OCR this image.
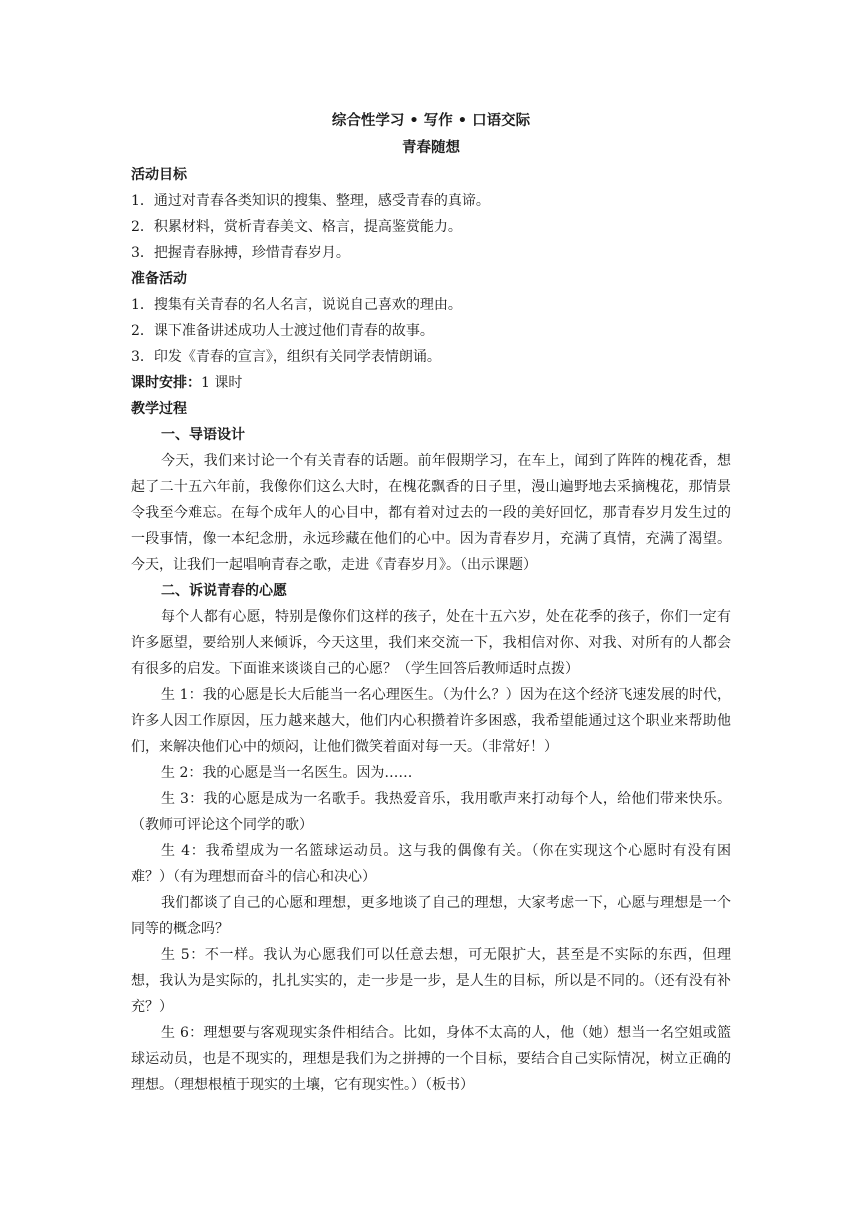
综合性学习 • 写作 • 口语交际
青春随想
活动目标
1．通过对青春各类知识的搜集、整理，感受青春的真谛。
2．积累材料，赏析青春美文、格言，提高鉴赏能力。
3．把握青春脉搏，珍惜青春岁月。
准备活动
1．搜集有关青春的名人名言，说说自己喜欢的理由。
2．课下准备讲述成功人士渡过他们青春的故事。
3．印发《青春的宣言》，组织有关同学表情朗诵。
课时安排：1 课时
教学过程
一、导语设计

今天，我们来讨论一个有关青春的话题。前年假期学习，在车上，闻到了阵阵的槐花香，想起了二十五六年前，我像你们这么大时，在槐花飘香的日子里，漫山遍野地去采摘槐花，那情景令我至今难忘。在每个成年人的心目中，都有着对过去的一段的美好回忆，那青春岁月发生过的一段事情，像一本纪念册，永远珍藏在他们的心中。因为青春岁月，充满了真情，充满了渴望。今天，让我们一起唱响青春之歌，走进《青春岁月》。（出示课题）

二、诉说青春的心愿

每个人都有心愿，特别是像你们这样的孩子，处在十五六岁，处在花季的孩子，你们一定有许多愿望，要给别人来倾诉，今天这里，我们来交流一下，我相信对你、对我、对所有的人都会有很多的启发。下面谁来谈谈自己的心愿？（学生回答后教师适时点拨）

生 1：我的心愿是长大后能当一名心理医生。（为什么？）因为在这个经济飞速发展的时代，许多人因工作原因，压力越来越大，他们内心积攒着许多困惑，我希望能通过这个职业来帮助他们，来解决他们心中的烦闷，让他们微笑着面对每一天。（非常好！）

生 2：我的心愿是当一名医生。因为……

生 3：我的心愿是成为一名歌手。我热爱音乐，我用歌声来打动每个人，给他们带来快乐。（教师可评论这个同学的歌）

生 4：我希望成为一名篮球运动员。这与我的偶像有关。（你在实现这个心愿时有没有困难？）（有为理想而奋斗的信心和决心）

我们都谈了自己的心愿和理想，更多地谈了自己的理想，大家考虑一下，心愿与理想是一个同等的概念吗？

生 5：不一样。我认为心愿我们可以任意去想，可无限扩大，甚至是不实际的东西，但理想，我认为是实际的，扎扎实实的，走一步是一步，是人生的目标，所以是不同的。（还有没有补充？）

生 6：理想要与客观现实条件相结合。比如，身体不太高的人，他（她）想当一名空姐或篮球运动员，也是不现实的，理想是我们为之拼搏的一个目标，要结合自己实际情况，树立正确的理想。（理想根植于现实的土壤，它有现实性。）（板书）
